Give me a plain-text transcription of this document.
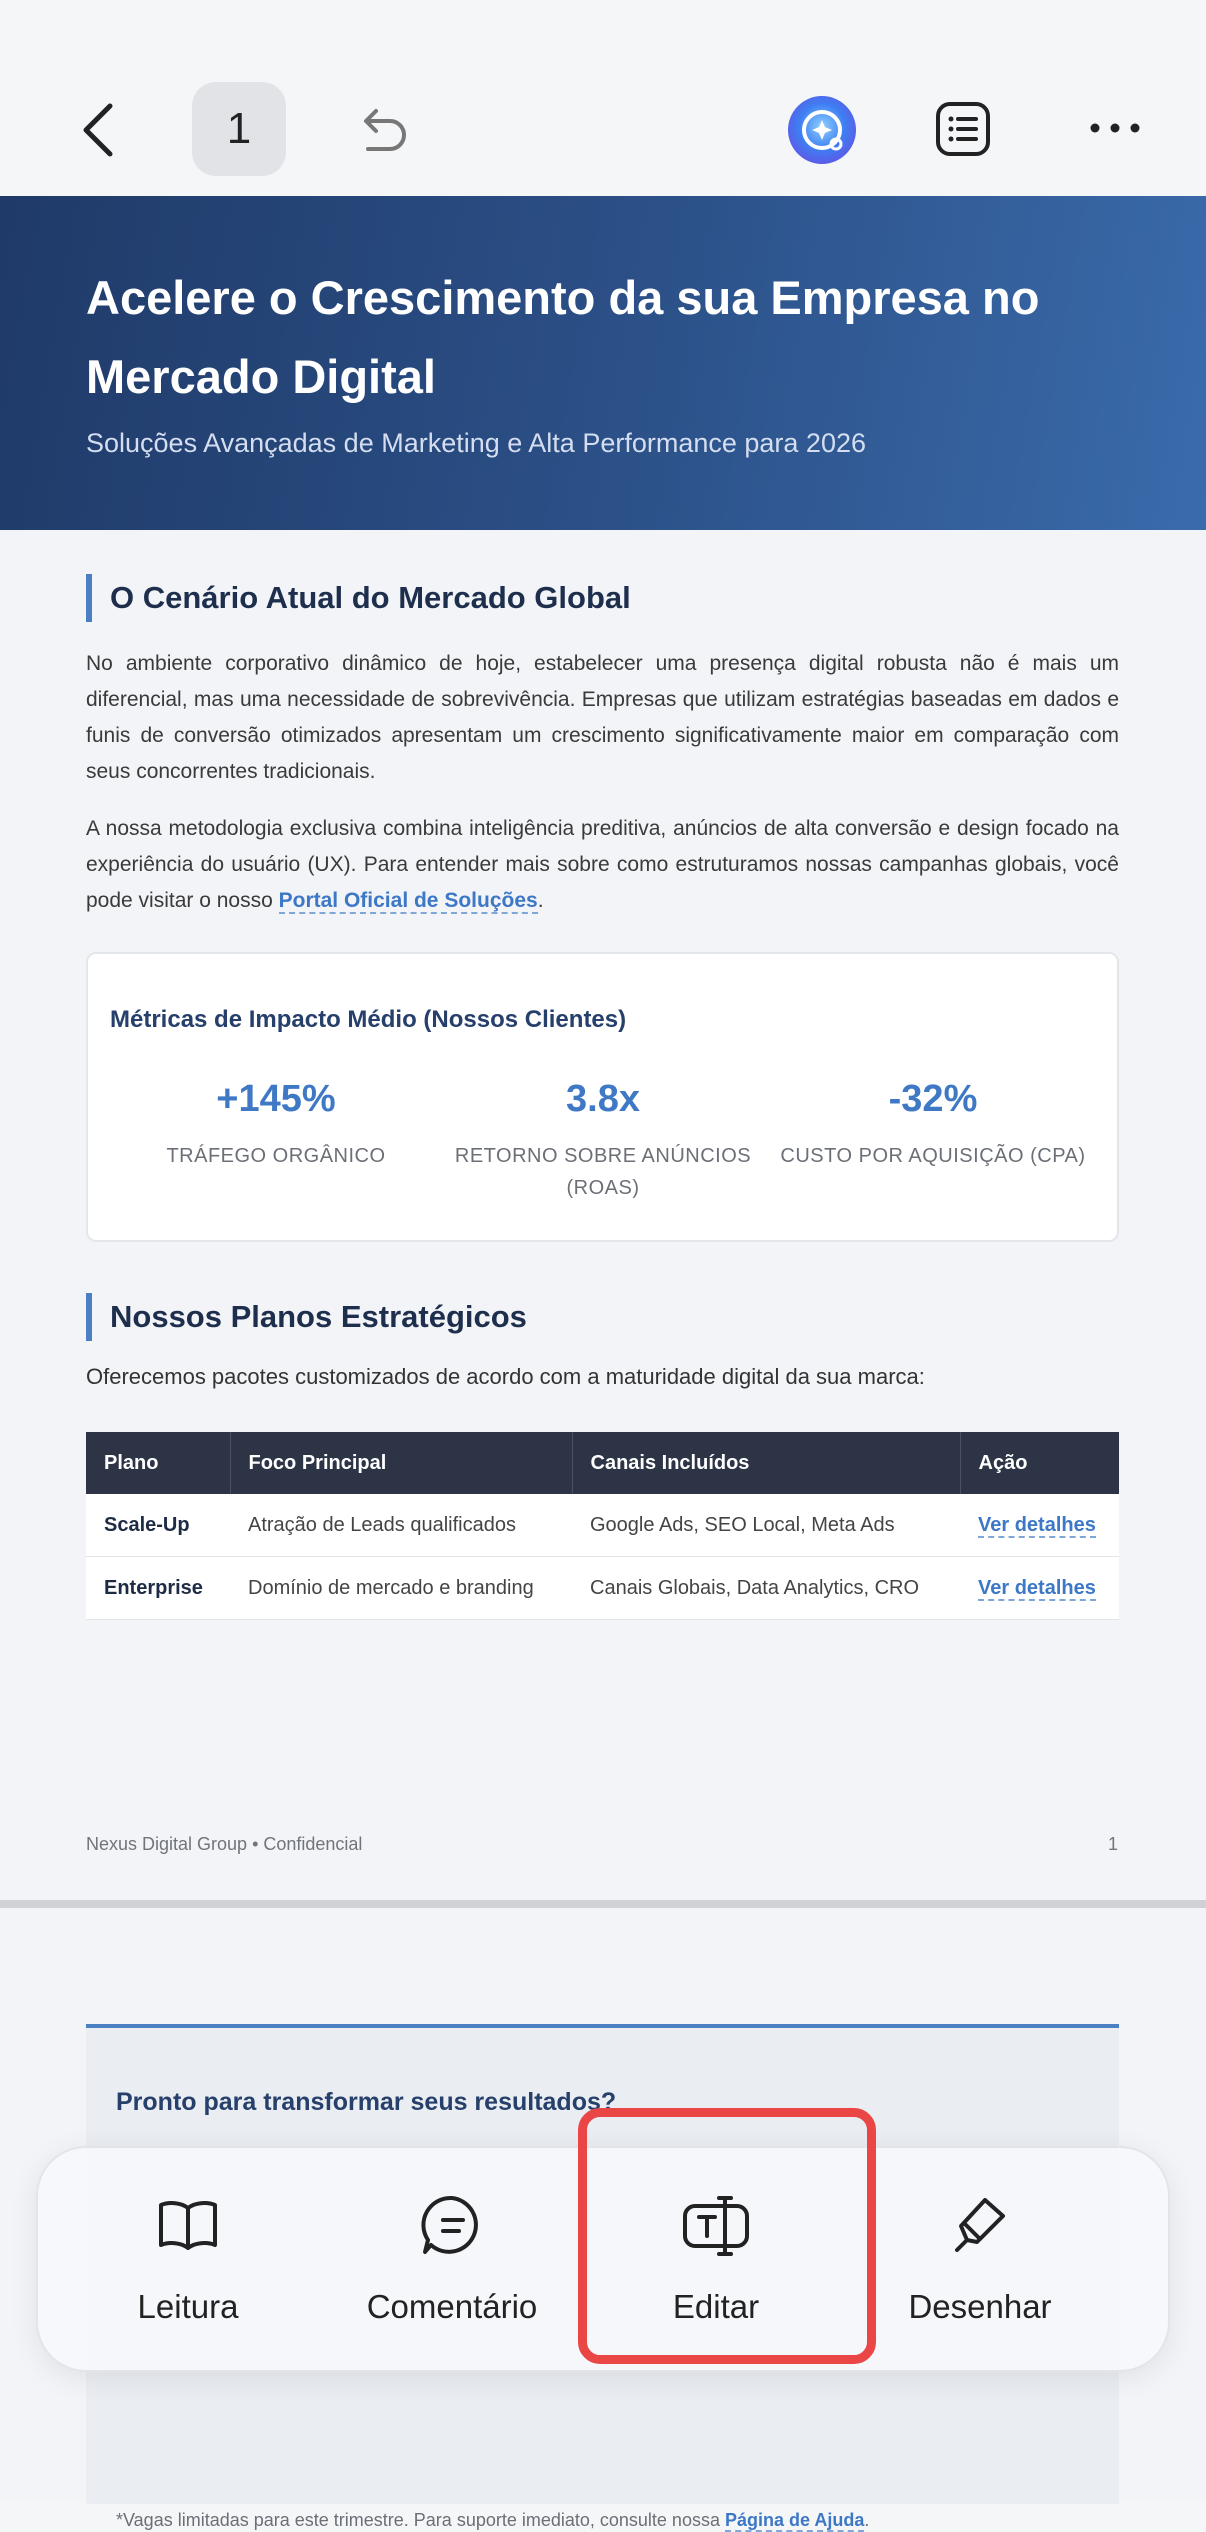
1
Acelere o Crescimento da sua Empresa no Mercado Digital
Soluções Avançadas de Marketing e Alta Performance para 2026
O Cenário Atual do Mercado Global
No ambiente corporativo dinâmico de hoje, estabelecer uma presença digital robusta não é mais um diferencial, mas uma necessidade de sobrevivência. Empresas que utilizam estratégias baseadas em dados e funis de conversão otimizados apresentam um crescimento significativamente maior em comparação com seus concorrentes tradicionais.
A nossa metodologia exclusiva combina inteligência preditiva, anúncios de alta conversão e design focado na experiência do usuário (UX). Para entender mais sobre como estruturamos nossas campanhas globais, você pode visitar o nosso Portal Oficial de Soluções.
Métricas de Impacto Médio (Nossos Clientes)
+145%
TRÁFEGO ORGÂNICO
3.8x
RETORNO SOBRE ANÚNCIOS (ROAS)
-32%
CUSTO POR AQUISIÇÃO (CPA)
Nossos Planos Estratégicos
Oferecemos pacotes customizados de acordo com a maturidade digital da sua marca:
Plano	Foco Principal	Canais Incluídos	Ação
Scale-Up	Atração de Leads qualificados	Google Ads, SEO Local, Meta Ads	Ver detalhes
Enterprise	Domínio de mercado e branding	Canais Globais, Data Analytics, CRO	Ver detalhes
Nexus Digital Group • Confidencial	1
Pronto para transformar seus resultados?
*Vagas limitadas para este trimestre. Para suporte imediato, consulte nossa Página de Ajuda.
Leitura	Comentário	Editar	Desenhar
